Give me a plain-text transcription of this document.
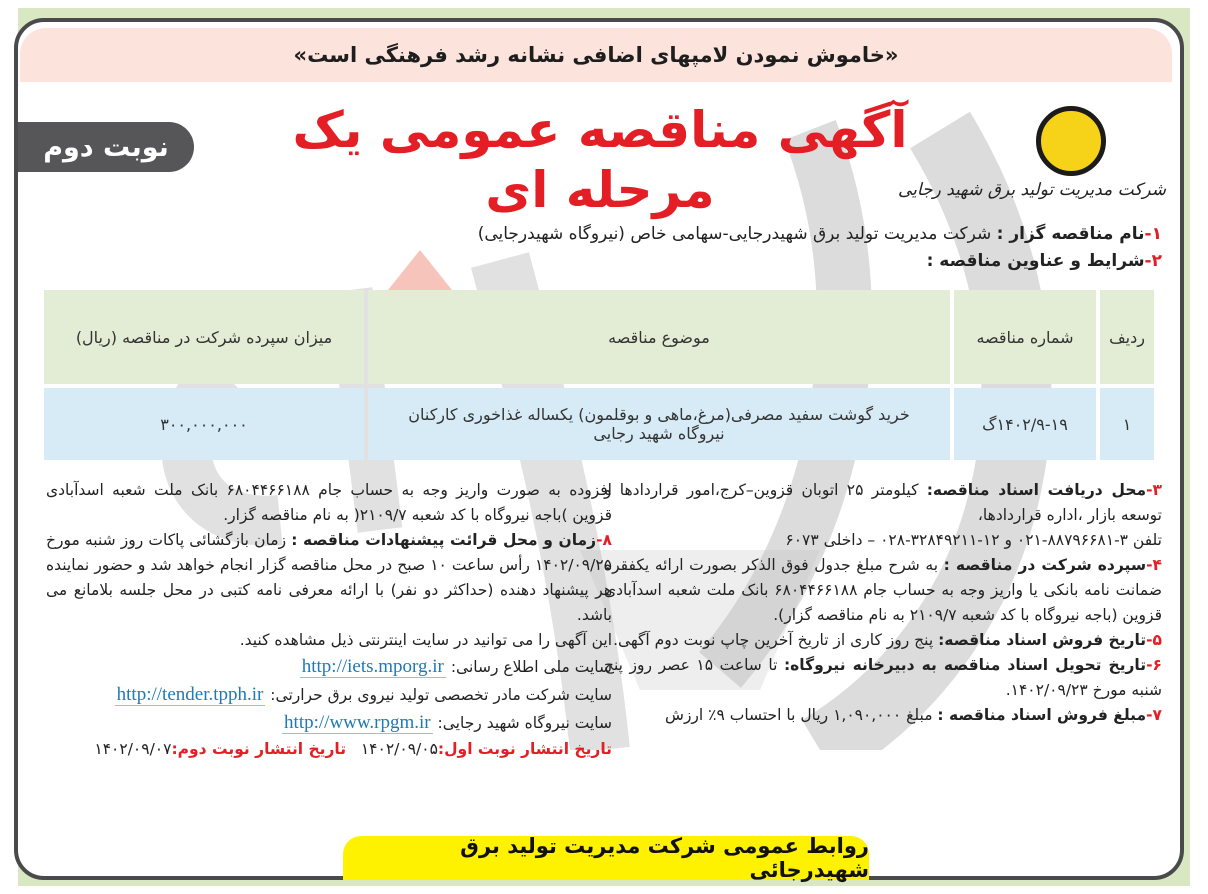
«خاموش نمودن لامپهای اضافی نشانه رشد فرهنگی است»
شرکت مدیریت تولید برق شهید رجایی
آگهی مناقصه عمومی یک مرحله ای
نوبت دوم
۱-نام مناقصه گزار : شرکت مدیریت تولید برق شهیدرجایی-سهامی خاص (نیروگاه شهیدرجایی)
۲-شرایط و عناوین مناقصه :
ردیف	شماره مناقصه	موضوع مناقصه	میزان سپرده شرکت در مناقصه (ریال)
۱	۱۴۰۲/۹-۱۹گ	خرید گوشت سفید مصرفی(مرغ،ماهی و بوقلمون) یکساله غذاخوری کارکنان نیروگاه شهید رجایی	۳۰۰,۰۰۰,۰۰۰
۳-محل دریافت اسناد مناقصه: کیلومتر ۲۵ اتوبان قزوین–کرج،امور قراردادها و توسعه بازار ،اداره قراردادها،
تلفن ۳-۸۸۷۹۶۶۸۱-۰۲۱ و ۱۲-۳۲۸۴۹۲۱۱-۰۲۸ – داخلی ۶۰۷۳
۴-سپرده شرکت در مناقصه : به شرح مبلغ جدول فوق الذکر بصورت ارائه یکفقره ضمانت نامه بانکی یا واریز وجه به حساب جام ۶۸۰۴۴۶۶۱۸۸ بانک ملت شعبه اسدآبادی قزوین (باجه نیروگاه با کد شعبه ۲۱۰۹/۷ به نام مناقصه گزار).
۵-تاریخ فروش اسناد مناقصه: پنج روز کاری از تاریخ آخرین چاپ نوبت دوم آگهی.
۶-تاریخ تحویل اسناد مناقصه به دبیرخانه نیروگاه: تا ساعت ۱۵ عصر روز پنج شنبه مورخ ۱۴۰۲/۰۹/۲۳.
۷-مبلغ فروش اسناد مناقصه : مبلغ ۱,۰۹۰,۰۰۰ ریال با احتساب ۹٪ ارزش
افزوده به صورت واریز وجه به حساب جام ۶۸۰۴۴۶۶۱۸۸ بانک ملت شعبه اسدآبادی قزوین )باجه نیروگاه با کد شعبه ۲۱۰۹/۷( به نام مناقصه گزار.
۸-زمان و محل قرائت پیشنهادات مناقصه : زمان بازگشائی پاکات روز شنبه مورخ ۱۴۰۲/۰۹/۲۵ رأس ساعت ۱۰ صبح در محل مناقصه گزار انجام خواهد شد و حضور نماینده هر پیشنهاد دهنده (حداکثر دو نفر) با ارائه معرفی نامه کتبی در محل جلسه بلامانع می باشد.
این آگهی را می توانید در سایت اینترنتی ذیل مشاهده کنید.
سایت ملی اطلاع رسانی: http://iets.mporg.ir
سایت شرکت مادر تخصصی تولید نیروی برق حرارتی: http://tender.tpph.ir
سایت نیروگاه شهید رجایی: http://www.rpgm.ir
تاریخ انتشار نوبت اول:۱۴۰۲/۰۹/۰۵   تاریخ انتشار نوبت دوم:۱۴۰۲/۰۹/۰۷
روابط عمومی شرکت مدیریت تولید برق شهیدرجائی
